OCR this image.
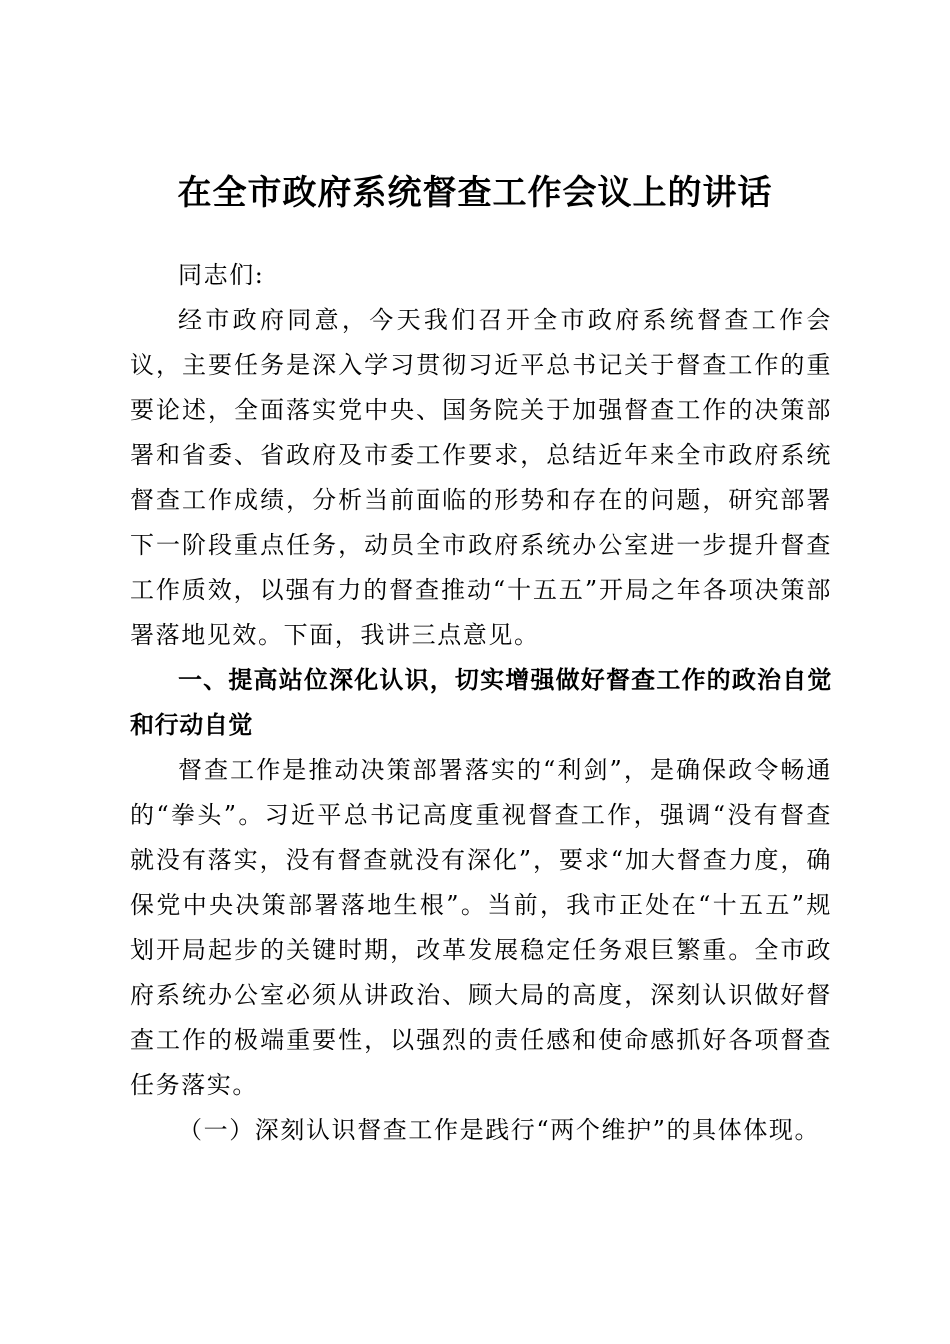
在全市政府系统督查工作会议上的讲话

同志们:

经市政府同意，今天我们召开全市政府系统督查工作会议，主要任务是深入学习贯彻习近平总书记关于督查工作的重要论述，全面落实党中央、国务院关于加强督查工作的决策部署和省委、省政府及市委工作要求，总结近年来全市政府系统督查工作成绩，分析当前面临的形势和存在的问题，研究部署下一阶段重点任务，动员全市政府系统办公室进一步提升督查工作质效，以强有力的督查推动“十五五”开局之年各项决策部署落地见效。下面，我讲三点意见。

一、提高站位深化认识，切实增强做好督查工作的政治自觉和行动自觉

督查工作是推动决策部署落实的“利剑”，是确保政令畅通的“拳头”。习近平总书记高度重视督查工作，强调“没有督查就没有落实，没有督查就没有深化”，要求“加大督查力度，确保党中央决策部署落地生根”。当前，我市正处在“十五五”规划开局起步的关键时期，改革发展稳定任务艰巨繁重。全市政府系统办公室必须从讲政治、顾大局的高度，深刻认识做好督查工作的极端重要性，以强烈的责任感和使命感抓好各项督查任务落实。

（一）深刻认识督查工作是践行“两个维护”的具体体现。
